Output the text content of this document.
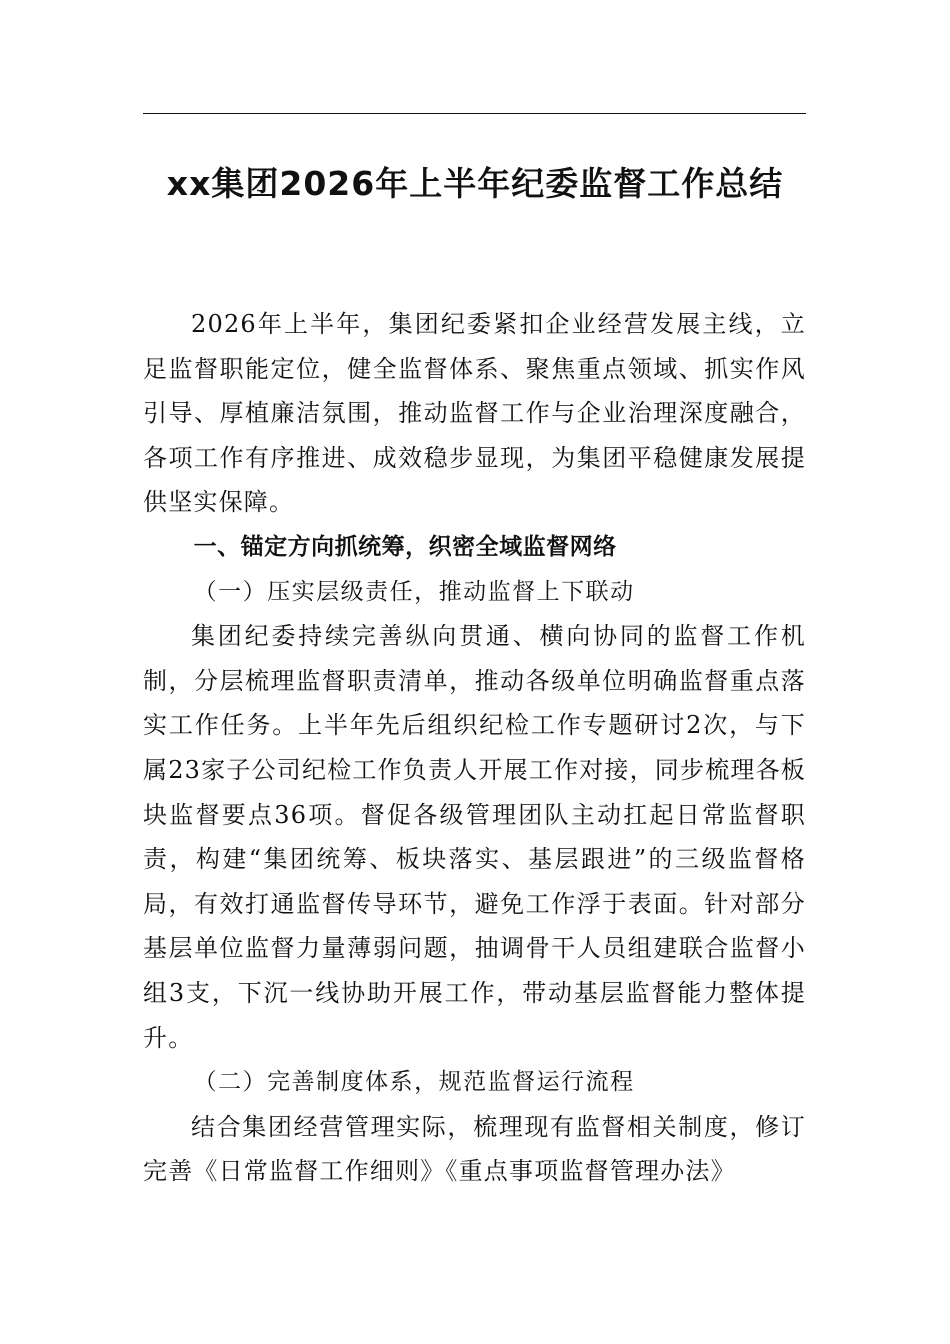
xx集团2026年上半年纪委监督工作总结

2026年上半年，集团纪委紧扣企业经营发展主线，立足监督职能定位，健全监督体系、聚焦重点领域、抓实作风引导、厚植廉洁氛围，推动监督工作与企业治理深度融合，各项工作有序推进、成效稳步显现，为集团平稳健康发展提供坚实保障。

一、锚定方向抓统筹，织密全域监督网络

（一）压实层级责任，推动监督上下联动

集团纪委持续完善纵向贯通、横向协同的监督工作机制，分层梳理监督职责清单，推动各级单位明确监督重点落实工作任务。上半年先后组织纪检工作专题研讨2次，与下属23家子公司纪检工作负责人开展工作对接，同步梳理各板块监督要点36项。督促各级管理团队主动扛起日常监督职责，构建“集团统筹、板块落实、基层跟进”的三级监督格局，有效打通监督传导环节，避免工作浮于表面。针对部分基层单位监督力量薄弱问题，抽调骨干人员组建联合监督小组3支，下沉一线协助开展工作，带动基层监督能力整体提升。

（二）完善制度体系，规范监督运行流程

结合集团经营管理实际，梳理现有监督相关制度，修订完善《日常监督工作细则》《重点事项监督管理办法》
